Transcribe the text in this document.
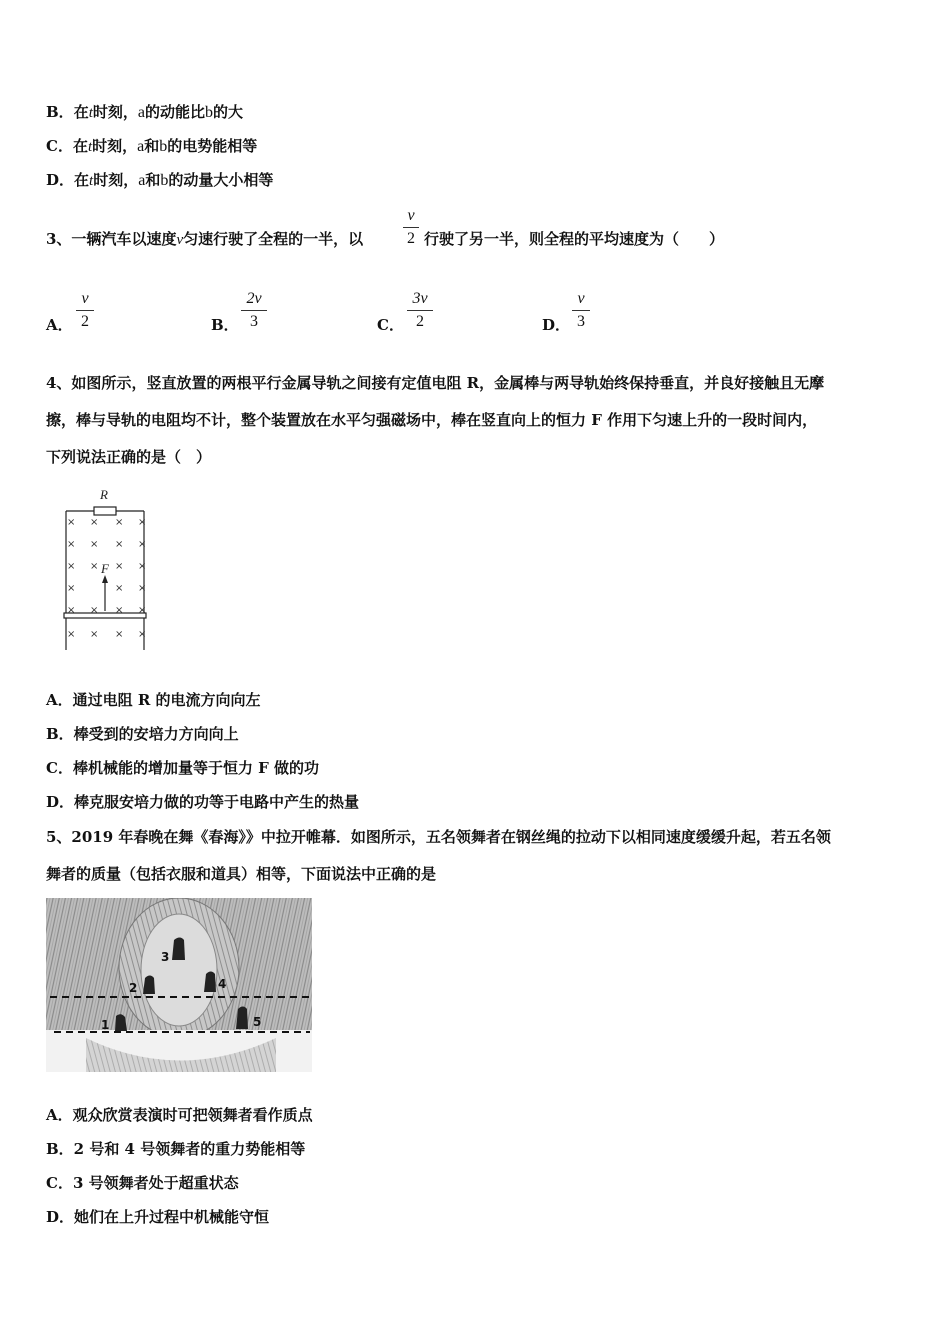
B．在t时刻，a的动能比b的大
C．在t时刻，a和b的电势能相等
D．在t时刻，a和b的动量大小相等
3、一辆汽车以速度v匀速行驶了全程的一半，以
v
2 行驶了另一半，则全程的平均速度为（　　）
A．
v
2	B．
2v
3	C．
3v
2	D．
v
3
4、如图所示，竖直放置的两根平行金属导轨之间接有定值电阻 R，金属棒与两导轨始终保持垂直，并良好接触且无摩
擦，棒与导轨的电阻均不计，整个装置放在水平匀强磁场中，棒在竖直向上的恒力 F 作用下匀速上升的一段时间内，
下列说法正确的是（　）
R
F
× × × ×
× × × ×
× × × ×
×	× ×
× × × ×
× × × ×
A．通过电阻 R 的电流方向向左
B．棒受到的安培力方向向上
C．棒机械能的增加量等于恒力 F 做的功
D．棒克服安培力做的功等于电路中产生的热量
5、2019 年春晚在舞《春海》》中拉开帷幕．如图所示，五名领舞者在钢丝绳的拉动下以相同速度缓缓升起，若五名领
舞者的质量（包括衣服和道具）相等，下面说法中正确的是
1
2
3
4
5
A．观众欣赏表演时可把领舞者看作质点
B．2 号和 4 号领舞者的重力势能相等
C．3 号领舞者处于超重状态
D．她们在上升过程中机械能守恒
